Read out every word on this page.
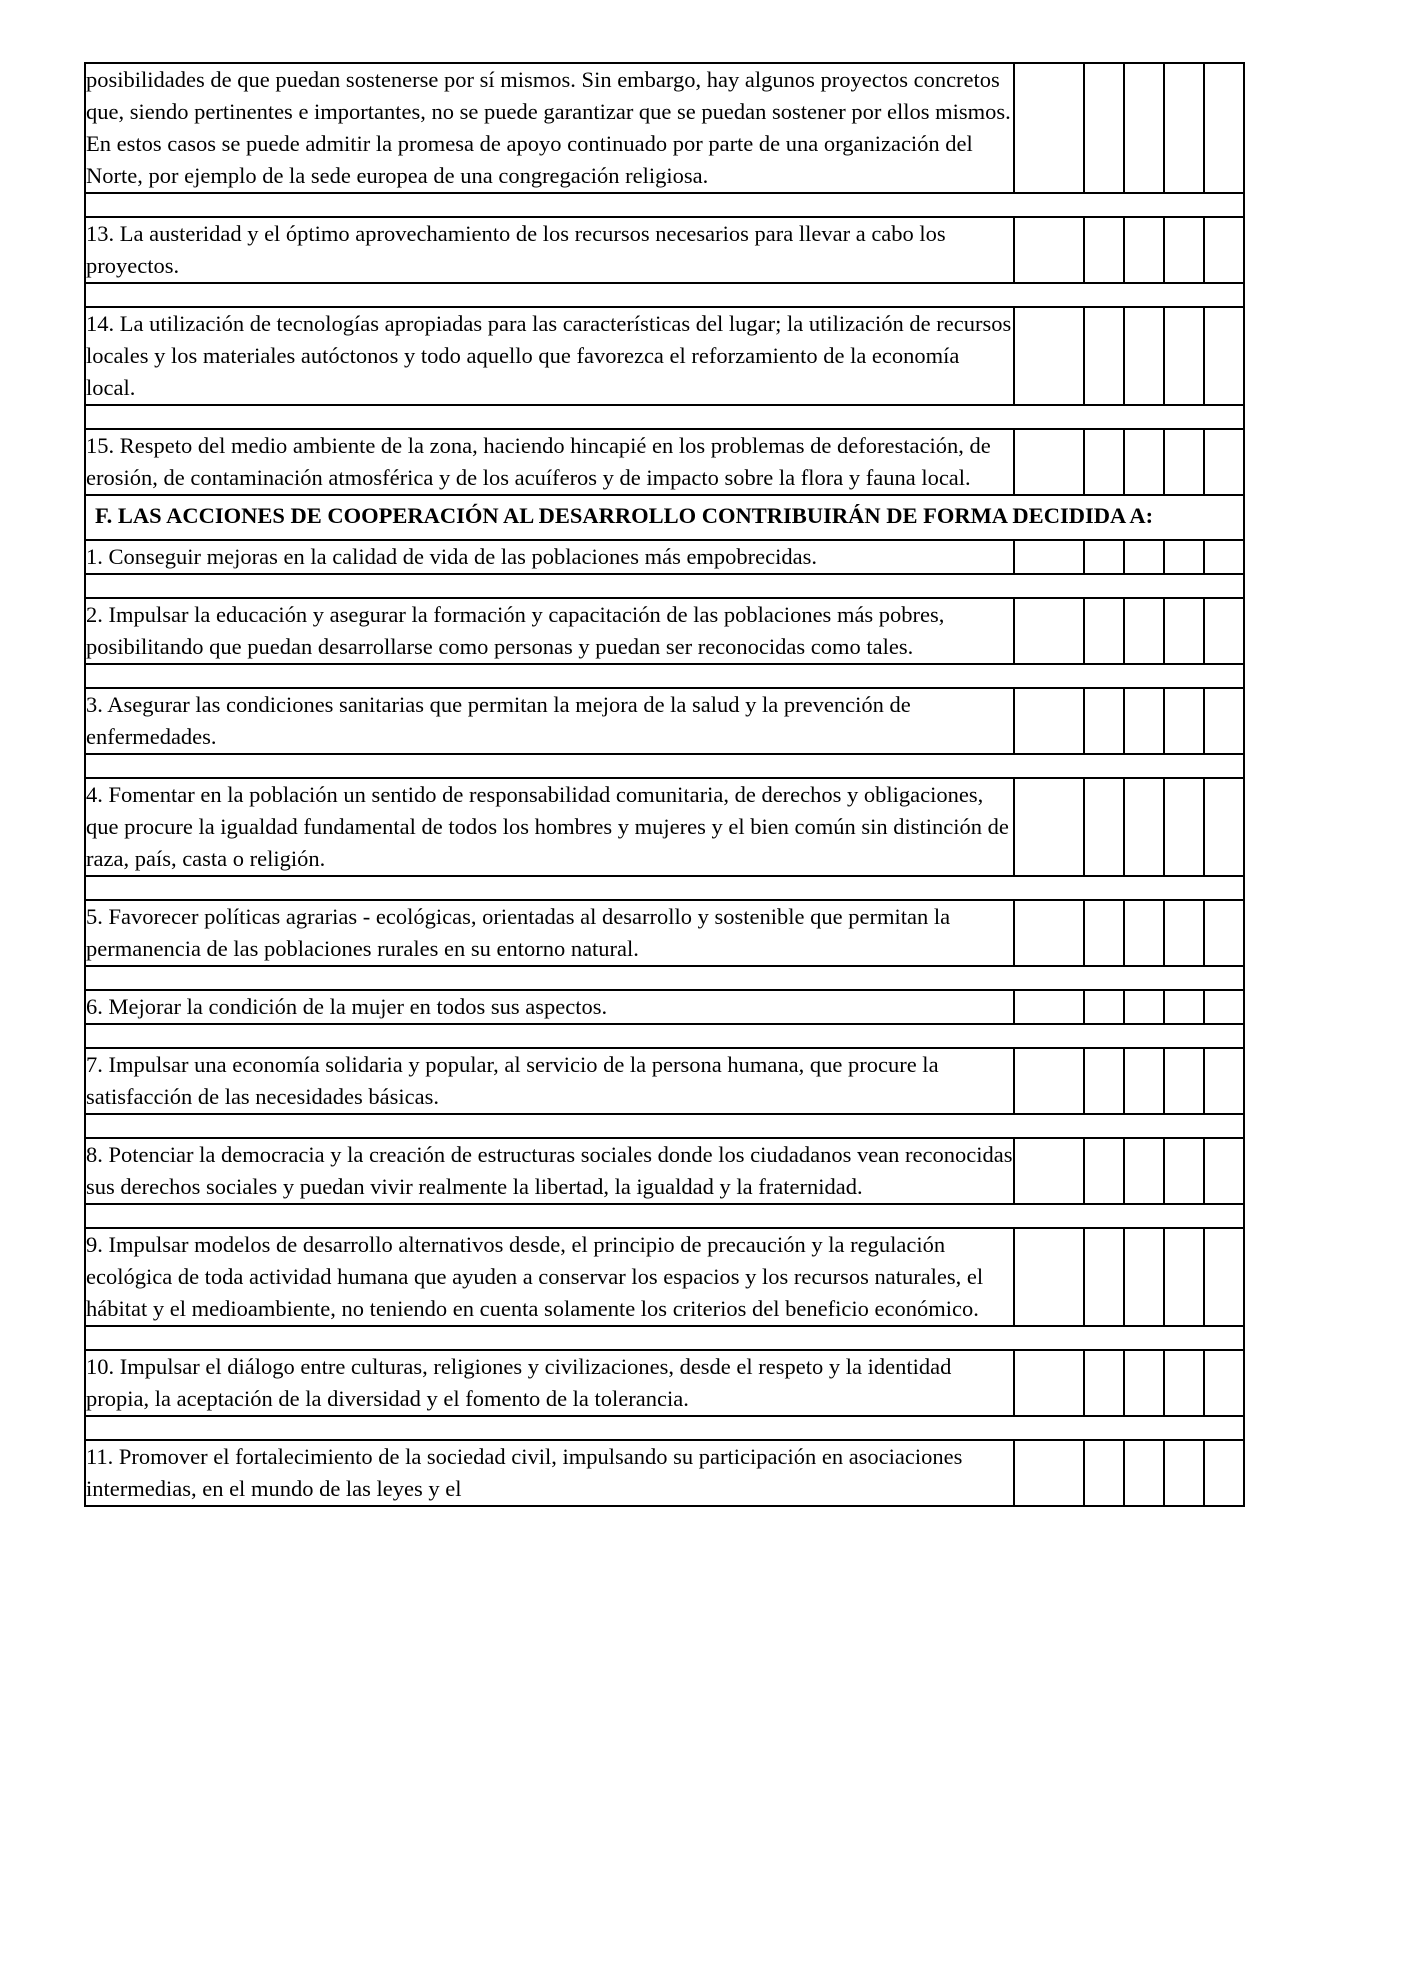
posibilidades de que puedan sostenerse por sí mismos. Sin embargo, hay algunos proyectos concretos que, siendo pertinentes e importantes, no se puede garantizar que se puedan sostener por ellos mismos. En estos casos se puede admitir la promesa de apoyo continuado por parte de una organización del Norte, por ejemplo de la sede europea de una congregación religiosa.					

13. La austeridad y el óptimo aprovechamiento de los recursos necesarios para llevar a cabo los proyectos.					

14. La utilización de tecnologías apropiadas para las características del lugar; la utilización de recursos locales y los materiales autóctonos y todo aquello que favorezca el reforzamiento de la economía local.					

15. Respeto del medio ambiente de la zona, haciendo hincapié en los problemas de deforestación, de erosión, de contaminación atmosférica y de los acuíferos y de impacto sobre la flora y fauna local.					
F. LAS ACCIONES DE COOPERACIÓN AL DESARROLLO CONTRIBUIRÁN DE FORMA DECIDIDA A:					
1. Conseguir mejoras en la calidad de vida de las poblaciones más empobrecidas.					

2. Impulsar la educación y asegurar la formación y capacitación de las poblaciones más pobres, posibilitando que puedan desarrollarse como personas y puedan ser reconocidas como tales.					

3. Asegurar las condiciones sanitarias que permitan la mejora de la salud y la prevención de enfermedades.					

4. Fomentar en la población un sentido de responsabilidad comunitaria, de derechos y obligaciones, que procure la igualdad fundamental de todos los hombres y mujeres y el bien común sin distinción de raza, país, casta o religión.					

5. Favorecer políticas agrarias - ecológicas, orientadas al desarrollo y sostenible que permitan la permanencia de las poblaciones rurales en su entorno natural.					

6. Mejorar la condición de la mujer en todos sus aspectos.					

7. Impulsar una economía solidaria y popular, al servicio de la persona humana, que procure la satisfacción de las necesidades básicas.					

8. Potenciar la democracia y la creación de estructuras sociales donde los ciudadanos vean reconocidas sus derechos sociales y puedan vivir realmente la libertad, la igualdad y la fraternidad.					

9. Impulsar modelos de desarrollo alternativos desde, el principio de precaución y la regulación ecológica de toda actividad humana que ayuden a conservar los espacios y los recursos naturales, el hábitat y el medioambiente, no teniendo en cuenta solamente los criterios del beneficio económico.					

10. Impulsar el diálogo entre culturas, religiones y civilizaciones, desde el respeto y la identidad propia, la aceptación de la diversidad y el fomento de la tolerancia.					

11. Promover el fortalecimiento de la sociedad civil, impulsando su participación en asociaciones intermedias, en el mundo de las leyes y el					
